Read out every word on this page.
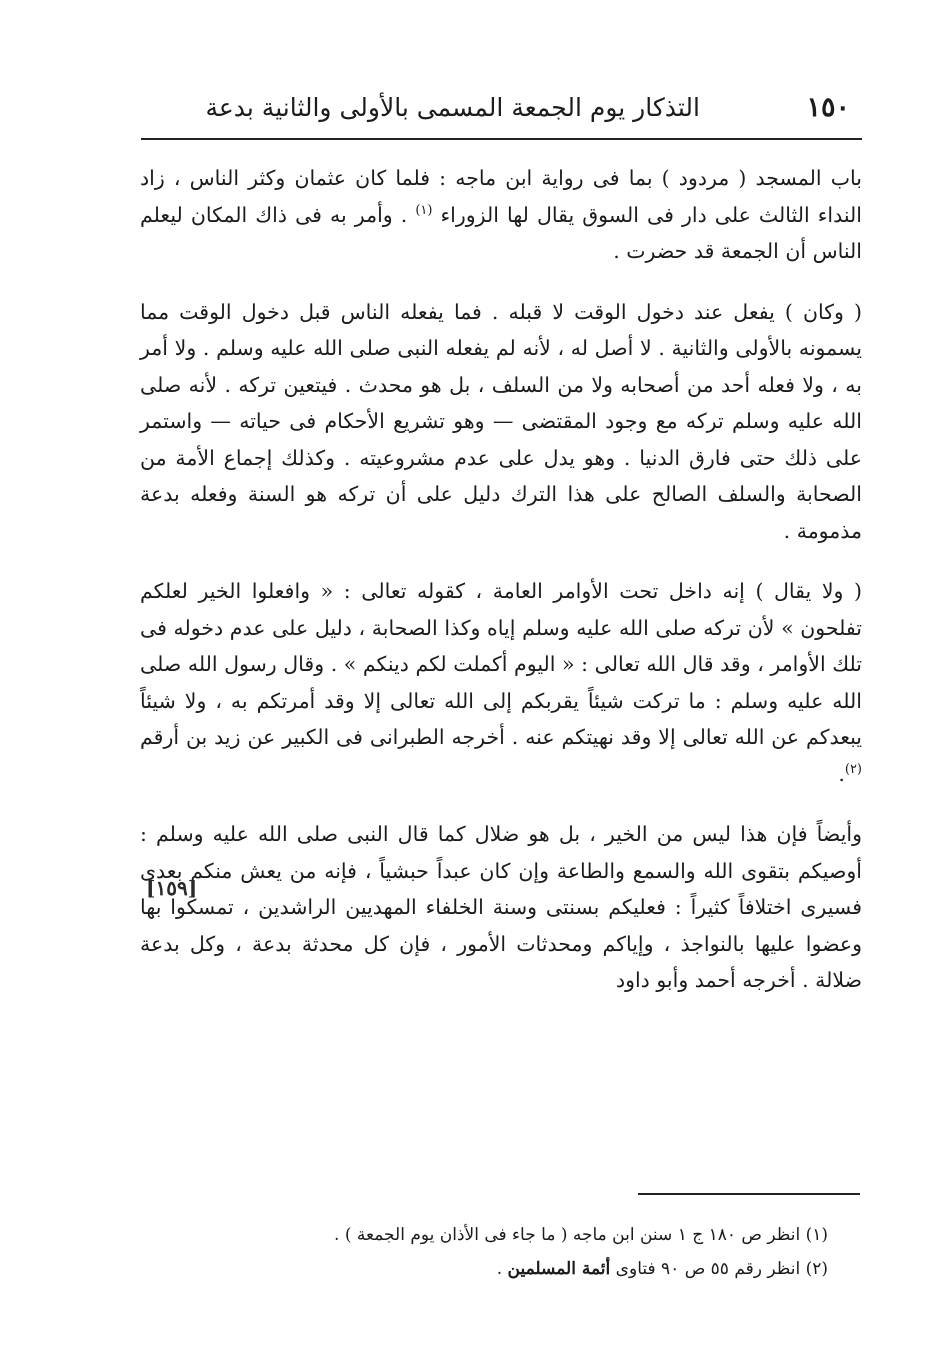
١٥٠
التذكار يوم الجمعة المسمى بالأولى والثانية بدعة

باب المسجد ( مردود ) بما فى رواية ابن ماجه : فلما كان عثمان وكثر الناس ، زاد النداء الثالث على دار فى السوق يقال لها الزوراء $^{(١)}$ . وأمر به فى ذاك المكان ليعلم الناس أن الجمعة قد حضرت .

( وكان ) يفعل عند دخول الوقت لا قبله . فما يفعله الناس قبل دخول الوقت مما يسمونه بالأولى والثانية . لا أصل له ، لأنه لم يفعله النبى صلى الله عليه وسلم . ولا أمر به ، ولا فعله أحد من أصحابه ولا من السلف ، بل هو محدث . فيتعين تركه . لأنه صلى الله عليه وسلم تركه مع وجود المقتضى — وهو تشريع الأحكام فى حياته — واستمر على ذلك حتى فارق الدنيا . وهو يدل على عدم مشروعيته . وكذلك إجماع الأمة من الصحابة والسلف الصالح على هذا الترك دليل على أن تركه هو السنة وفعله بدعة مذمومة .

( ولا يقال ) إنه داخل تحت الأوامر العامة ، كقوله تعالى : « وافعلوا الخير لعلكم تفلحون » لأن تركه صلى الله عليه وسلم إياه وكذا الصحابة ، دليل على عدم دخوله فى تلك الأوامر ، وقد قال الله تعالى : « اليوم أكملت لكم دينكم » . وقال رسول الله صلى الله عليه وسلم : ما تركت شيئاً يقربكم إلى الله تعالى إلا وقد أمرتكم به ، ولا شيئاً يبعدكم عن الله تعالى إلا وقد نهيتكم عنه . أخرجه الطبرانى فى الكبير عن زيد بن أرقم $^{(٢)}$.

وأيضاً فإن هذا ليس من الخير ، بل هو ضلال كما قال النبى صلى الله عليه وسلم : أوصيكم بتقوى الله والسمع والطاعة وإن كان عبداً حبشياً ، فإنه من يعش منكم بعدى فسيرى اختلافاً كثيراً : فعليكم بسنتى وسنة الخلفاء المهديين الراشدين ، تمسكوا بها وعضوا عليها بالنواجذ ، وإياكم ومحدثات الأمور ، فإن كل محدثة بدعة ، وكل بدعة ضلالة . أخرجه أحمد وأبو داود

[١٥٩]

(١) انظر ص ١٨٠ ج ١ سنن ابن ماجه ( ما جاء فى الأذان يوم الجمعة ) .

(٢) انظر رقم ٥٥ ص ٩٠ فتاوى أئمة المسلمين .
